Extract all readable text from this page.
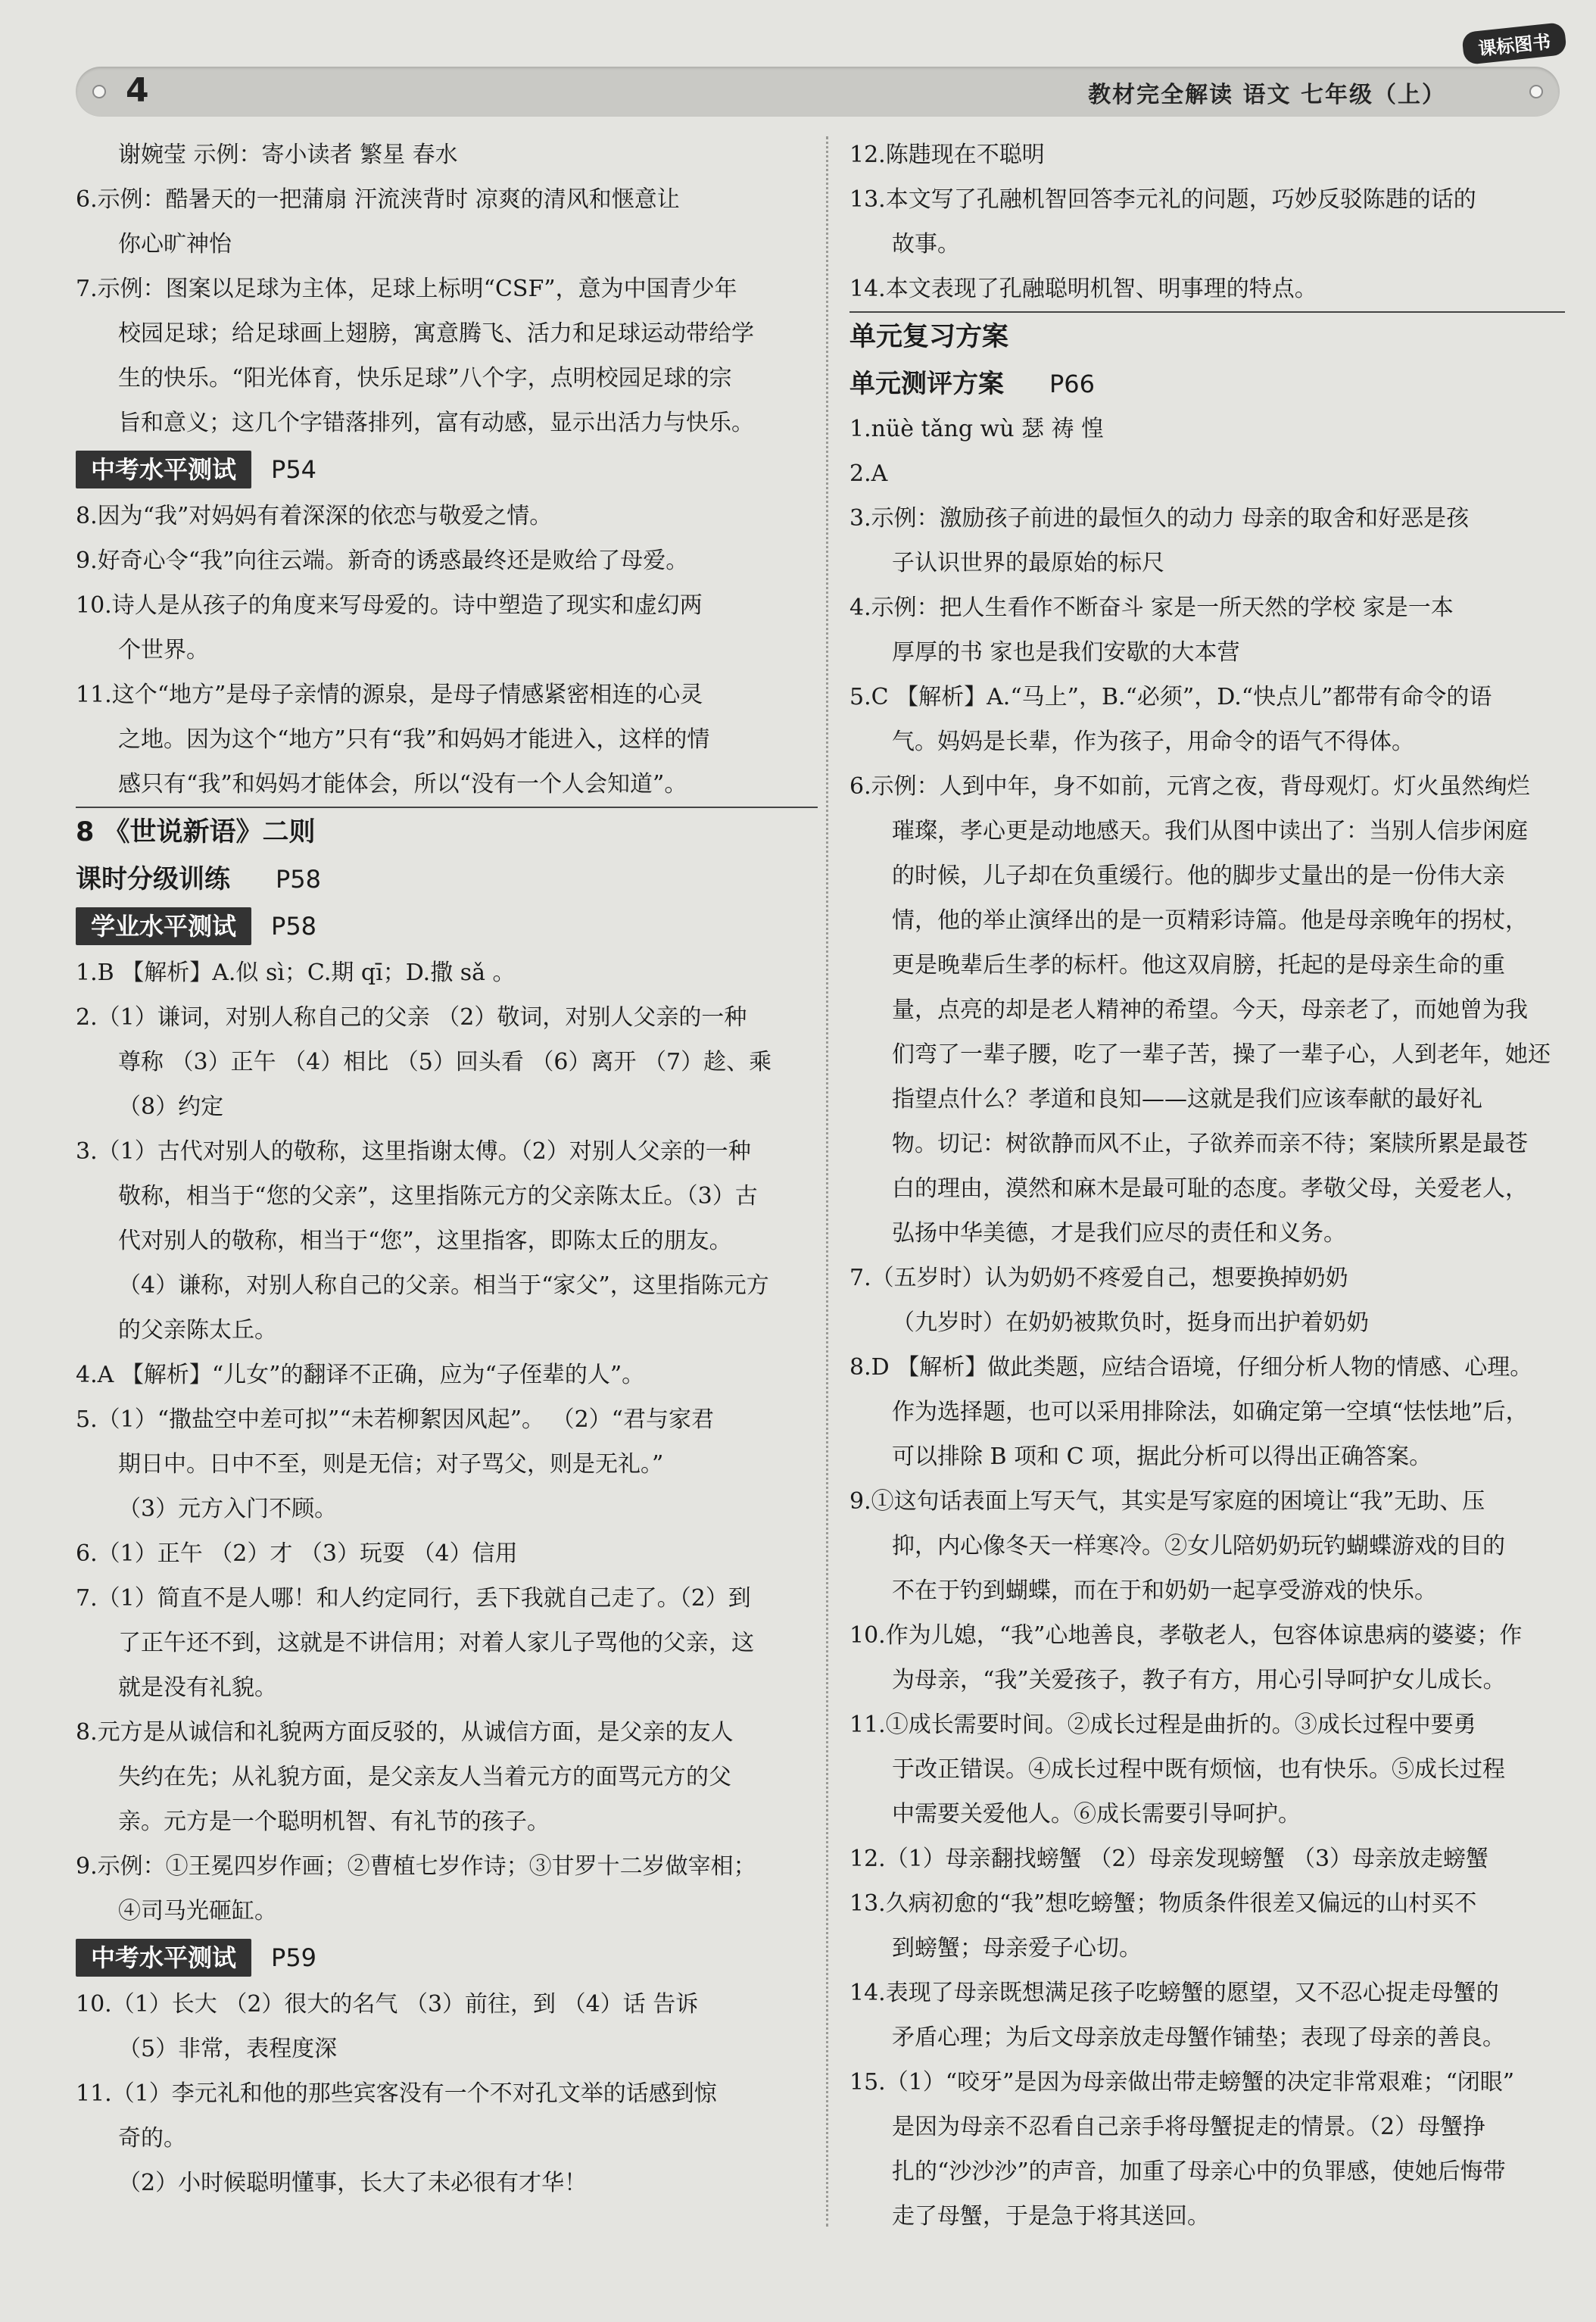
4	教材完全解读 语文 七年级（上）
课标图书
谢婉莹 示例：寄小读者 繁星 春水
6.示例：酷暑天的一把蒲扇 汗流浃背时 凉爽的清风和惬意让
你心旷神怡
7.示例：图案以足球为主体，足球上标明“CSF”，意为中国青少年
校园足球；给足球画上翅膀，寓意腾飞、活力和足球运动带给学
生的快乐。“阳光体育，快乐足球”八个字，点明校园足球的宗
旨和意义；这几个字错落排列，富有动感，显示出活力与快乐。
中考水平测试	P54
8.因为“我”对妈妈有着深深的依恋与敬爱之情。
9.好奇心令“我”向往云端。新奇的诱惑最终还是败给了母爱。
10.诗人是从孩子的角度来写母爱的。诗中塑造了现实和虚幻两
个世界。
11.这个“地方”是母子亲情的源泉，是母子情感紧密相连的心灵
之地。因为这个“地方”只有“我”和妈妈才能进入，这样的情
感只有“我”和妈妈才能体会，所以“没有一个人会知道”。
8 《世说新语》二则
课时分级训练 P58
学业水平测试	P58
1.B 【解析】A.似 sì；C.期 qī；D.撒 sǎ 。
2.（1）谦词，对别人称自己的父亲 （2）敬词，对别人父亲的一种
尊称 （3）正午 （4）相比 （5）回头看 （6）离开 （7）趁、乘
（8）约定
3.（1）古代对别人的敬称，这里指谢太傅。（2）对别人父亲的一种
敬称，相当于“您的父亲”，这里指陈元方的父亲陈太丘。（3）古
代对别人的敬称，相当于“您”，这里指客，即陈太丘的朋友。
（4）谦称，对别人称自己的父亲。相当于“家父”，这里指陈元方
的父亲陈太丘。
4.A 【解析】“儿女”的翻译不正确，应为“子侄辈的人”。
5.（1）“撒盐空中差可拟”“未若柳絮因风起”。 （2）“君与家君
期日中。日中不至，则是无信；对子骂父，则是无礼。”
（3）元方入门不顾。
6.（1）正午 （2）才 （3）玩耍 （4）信用
7.（1）简直不是人哪！和人约定同行，丢下我就自己走了。（2）到
了正午还不到，这就是不讲信用；对着人家儿子骂他的父亲，这
就是没有礼貌。
8.元方是从诚信和礼貌两方面反驳的，从诚信方面，是父亲的友人
失约在先；从礼貌方面，是父亲友人当着元方的面骂元方的父
亲。元方是一个聪明机智、有礼节的孩子。
9.示例：①王冕四岁作画；②曹植七岁作诗；③甘罗十二岁做宰相；
④司马光砸缸。
中考水平测试	P59
10.（1）长大 （2）很大的名气 （3）前往，到 （4）话 告诉
（5）非常，表程度深
11.（1）李元礼和他的那些宾客没有一个不对孔文举的话感到惊
奇的。
（2）小时候聪明懂事，长大了未必很有才华！
12.陈韪现在不聪明
13.本文写了孔融机智回答李元礼的问题，巧妙反驳陈韪的话的
故事。
14.本文表现了孔融聪明机智、明事理的特点。
单元复习方案
单元测评方案 P66
1.nüè tǎng wù 瑟 祷 惶
2.A
3.示例：激励孩子前进的最恒久的动力 母亲的取舍和好恶是孩
子认识世界的最原始的标尺
4.示例：把人生看作不断奋斗 家是一所天然的学校 家是一本
厚厚的书 家也是我们安歇的大本营
5.C 【解析】A.“马上”，B.“必须”，D.“快点儿”都带有命令的语
气。妈妈是长辈，作为孩子，用命令的语气不得体。
6.示例：人到中年，身不如前，元宵之夜，背母观灯。灯火虽然绚烂
璀璨，孝心更是动地感天。我们从图中读出了：当别人信步闲庭
的时候，儿子却在负重缓行。他的脚步丈量出的是一份伟大亲
情，他的举止演绎出的是一页精彩诗篇。他是母亲晚年的拐杖，
更是晚辈后生孝的标杆。他这双肩膀，托起的是母亲生命的重
量，点亮的却是老人精神的希望。今天，母亲老了，而她曾为我
们弯了一辈子腰，吃了一辈子苦，操了一辈子心，人到老年，她还
指望点什么？孝道和良知——这就是我们应该奉献的最好礼
物。切记：树欲静而风不止，子欲养而亲不待；案牍所累是最苍
白的理由，漠然和麻木是最可耻的态度。孝敬父母，关爱老人，
弘扬中华美德，才是我们应尽的责任和义务。
7.（五岁时）认为奶奶不疼爱自己，想要换掉奶奶
（九岁时）在奶奶被欺负时，挺身而出护着奶奶
8.D 【解析】做此类题，应结合语境，仔细分析人物的情感、心理。
作为选择题，也可以采用排除法，如确定第一空填“怯怯地”后，
可以排除 B 项和 C 项，据此分析可以得出正确答案。
9.①这句话表面上写天气，其实是写家庭的困境让“我”无助、压
抑，内心像冬天一样寒冷。②女儿陪奶奶玩钓蝴蝶游戏的目的
不在于钓到蝴蝶，而在于和奶奶一起享受游戏的快乐。
10.作为儿媳，“我”心地善良，孝敬老人，包容体谅患病的婆婆；作
为母亲，“我”关爱孩子，教子有方，用心引导呵护女儿成长。
11.①成长需要时间。②成长过程是曲折的。③成长过程中要勇
于改正错误。④成长过程中既有烦恼，也有快乐。⑤成长过程
中需要关爱他人。⑥成长需要引导呵护。
12.（1）母亲翻找螃蟹 （2）母亲发现螃蟹 （3）母亲放走螃蟹
13.久病初愈的“我”想吃螃蟹；物质条件很差又偏远的山村买不
到螃蟹；母亲爱子心切。
14.表现了母亲既想满足孩子吃螃蟹的愿望，又不忍心捉走母蟹的
矛盾心理；为后文母亲放走母蟹作铺垫；表现了母亲的善良。
15.（1）“咬牙”是因为母亲做出带走螃蟹的决定非常艰难；“闭眼”
是因为母亲不忍看自己亲手将母蟹捉走的情景。（2）母蟹挣
扎的“沙沙沙”的声音，加重了母亲心中的负罪感，使她后悔带
走了母蟹，于是急于将其送回。
